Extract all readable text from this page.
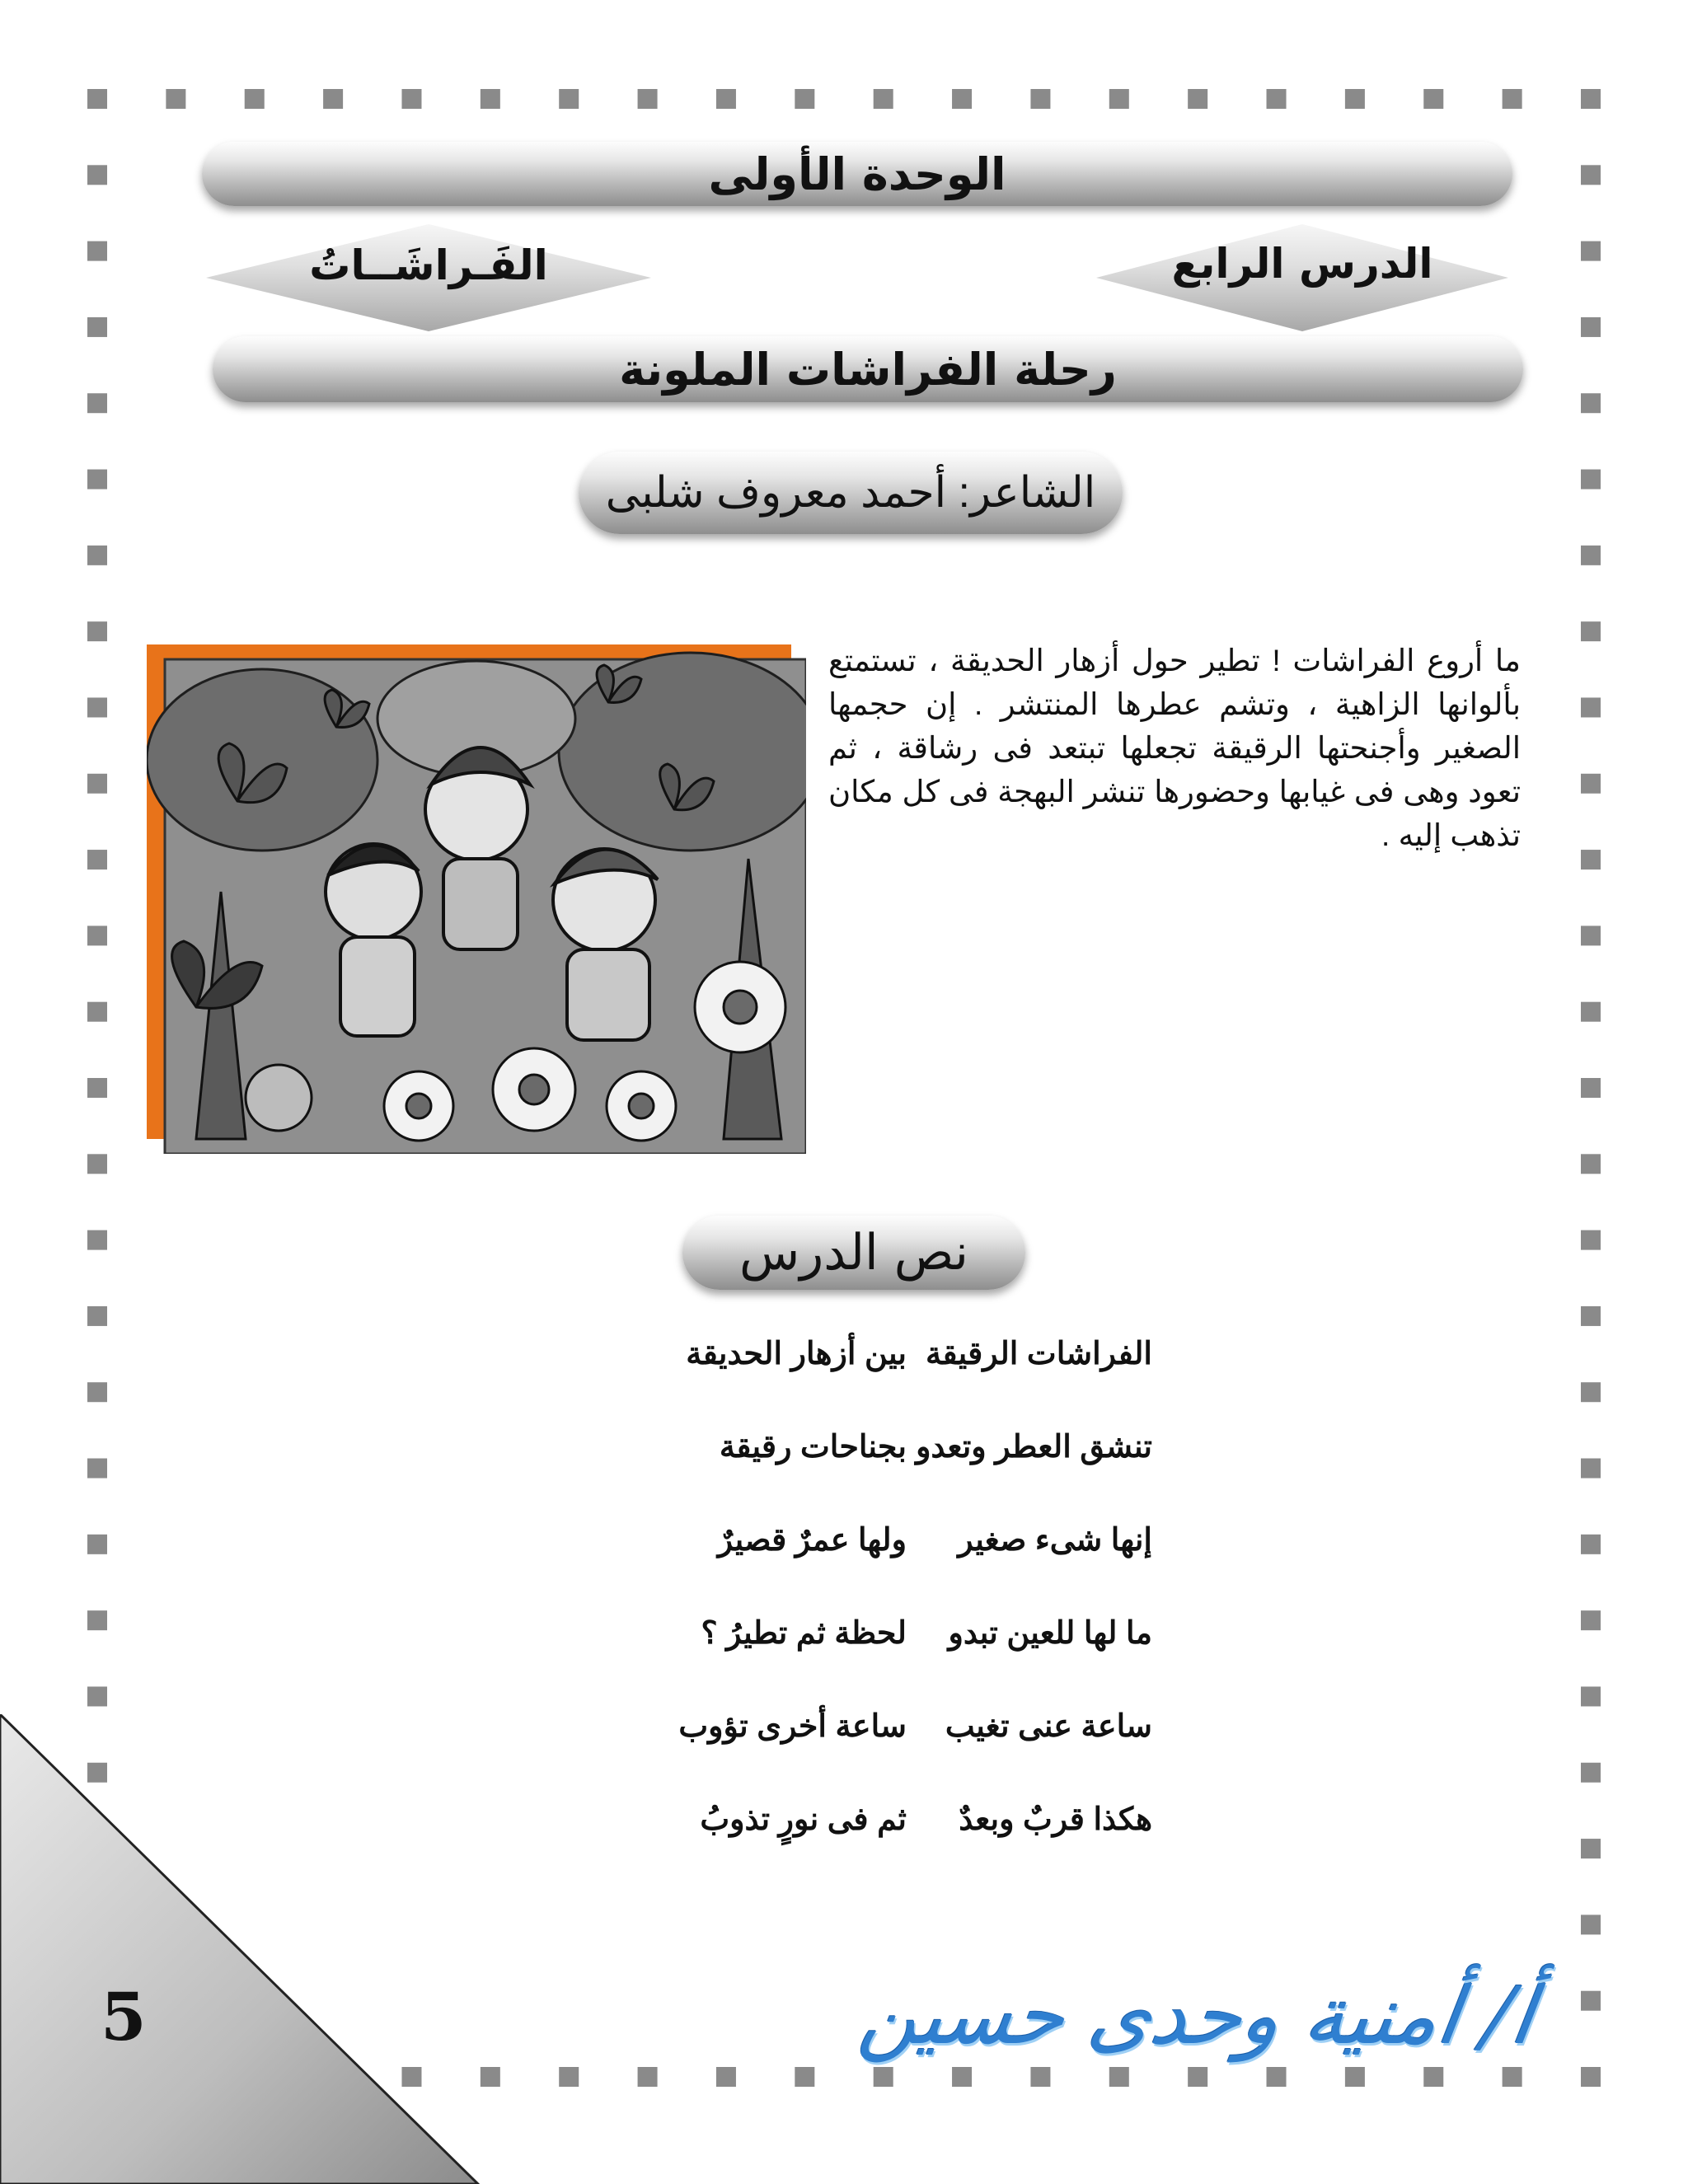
الوحدة الأولى
الفَـراشَــاتُ	الدرس الرابع
رحلة الفراشات الملونة
الشاعر: أحمد معروف شلبى

ما أروع الفراشات ! تطير حول أزهار الحديقة ، تستمتع بألوانها الزاهية ، وتشم عطرها المنتشر . إن حجمها الصغير وأجنحتها الرقيقة تجعلها تبتعد فى رشاقة ، ثم تعود وهى فى غيابها وحضورها تنشر البهجة فى كل مكان تذهب إليه .

نص الدرس
الفراشات الرقيقة
بين أزهار الحديقة
تنشق العطر وتعدو
بجناحات رقيقة
إنها شىء صغير
ولها عمرٌ قصيرٌ
ما لها للعين تبدو
لحظة ثم تطيرُ ؟
ساعة عنى تغيب
ساعة أخرى تؤوب
هكذا قربٌ وبعدٌ
ثم فى نورٍ تذوبُ
5	أ/ أمنية وحدى حسين
